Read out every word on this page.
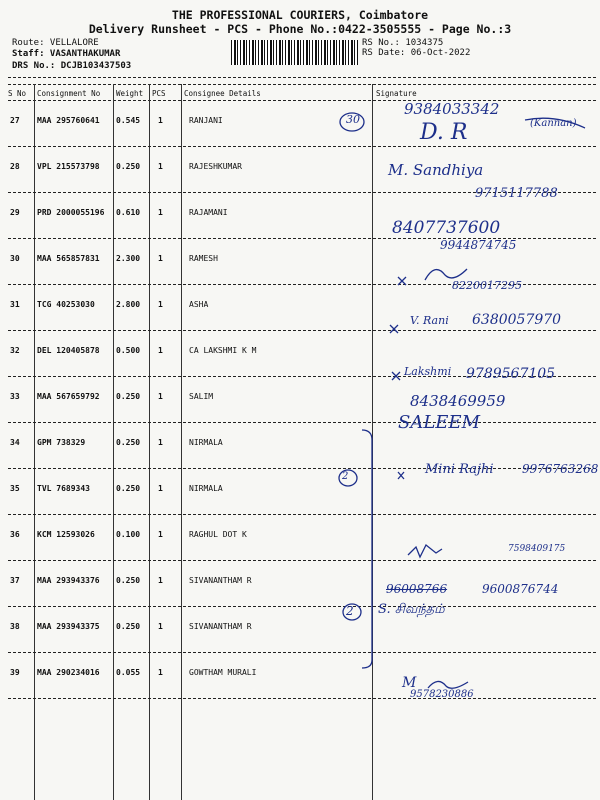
THE PROFESSIONAL COURIERS, Coimbatore
Delivery Runsheet - PCS - Phone No.:0422-3505555 - Page No.:3
Route: VELLALORE
Staff: VASANTHAKUMAR
DRS No.: DCJB103437503
RS No.: 1034375
RS Date: 06-Oct-2022
S No Consignment No Weight PCS Consignee Details	Signature
27 MAA 295760641 0.545 1	RANJANI
28 VPL 215573798 0.250 1	RAJESHKUMAR
29 PRD 2000055196 0.610 1	RAJAMANI
30 MAA 565857831 2.300 1	RAMESH
31 TCG 40253030	2.800 1	ASHA
32 DEL 120405878 0.500 1	CA LAKSHMI K M
33 MAA 567659792 0.250 1	SALIM
34 GPM 738329	0.250 1	NIRMALA
35 TVL 7689343	0.250 1	NIRMALA
36 KCM 12593026	0.100 1	RAGHUL DOT K
37 MAA 293943376 0.250 1	SIVANANTHAM R
38 MAA 293943375 0.250 1	SIVANANTHAM R
39 MAA 290234016 0.055 1	GOWTHAM MURALI
9384033342
30
D. R	(Kannan)
M. Sandhiya
9715117788
8407737600
9944874745
8220017295
V. Rani 6380057970
Lakshmi 9789567105
8438469959
SALEEM
2	Mini Rajhi 9976763268
7598409175
96008766	9600876744
S. சிவந்தம்
2
M
9578230886
